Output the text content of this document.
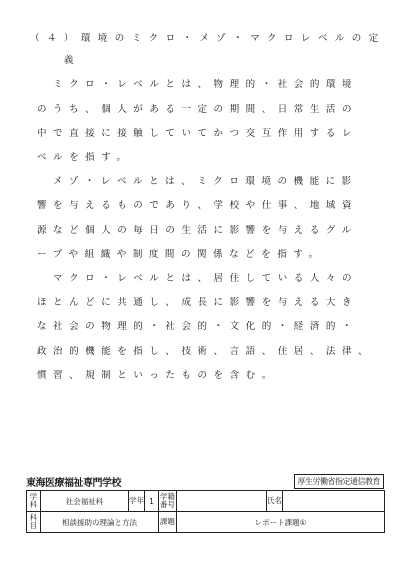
（４）環境のミクロ・メゾ・マクロレベルの定
　　義
　ミクロ・レベルとは、物理的・社会的環境
のうち、個人がある一定の期間、日常生活の
中で直接に接触していてかつ交互作用するレ
ベルを指す。
　メゾ・レベルとは、ミクロ環境の機能に影
響を与えるものであり、学校や仕事、地域資
源など個人の毎日の生活に影響を与えるグル
ープや組織や制度間の関係などを指す。
　マクロ・レベルとは、居住している人々の
ほとんどに共通し、成長に影響を与える大き
な社会の物理的・社会的・文化的・経済的・
政治的機能を指し、技術、言語、住居、法律、
慣習、規制といったものを含む。
東海医療福祉専門学校	厚生労働省指定通信教育
学科	社会福祉科	学年	1	学籍番号		氏名	
科目	相談援助の理論と方法			課題	レポート課題①		
